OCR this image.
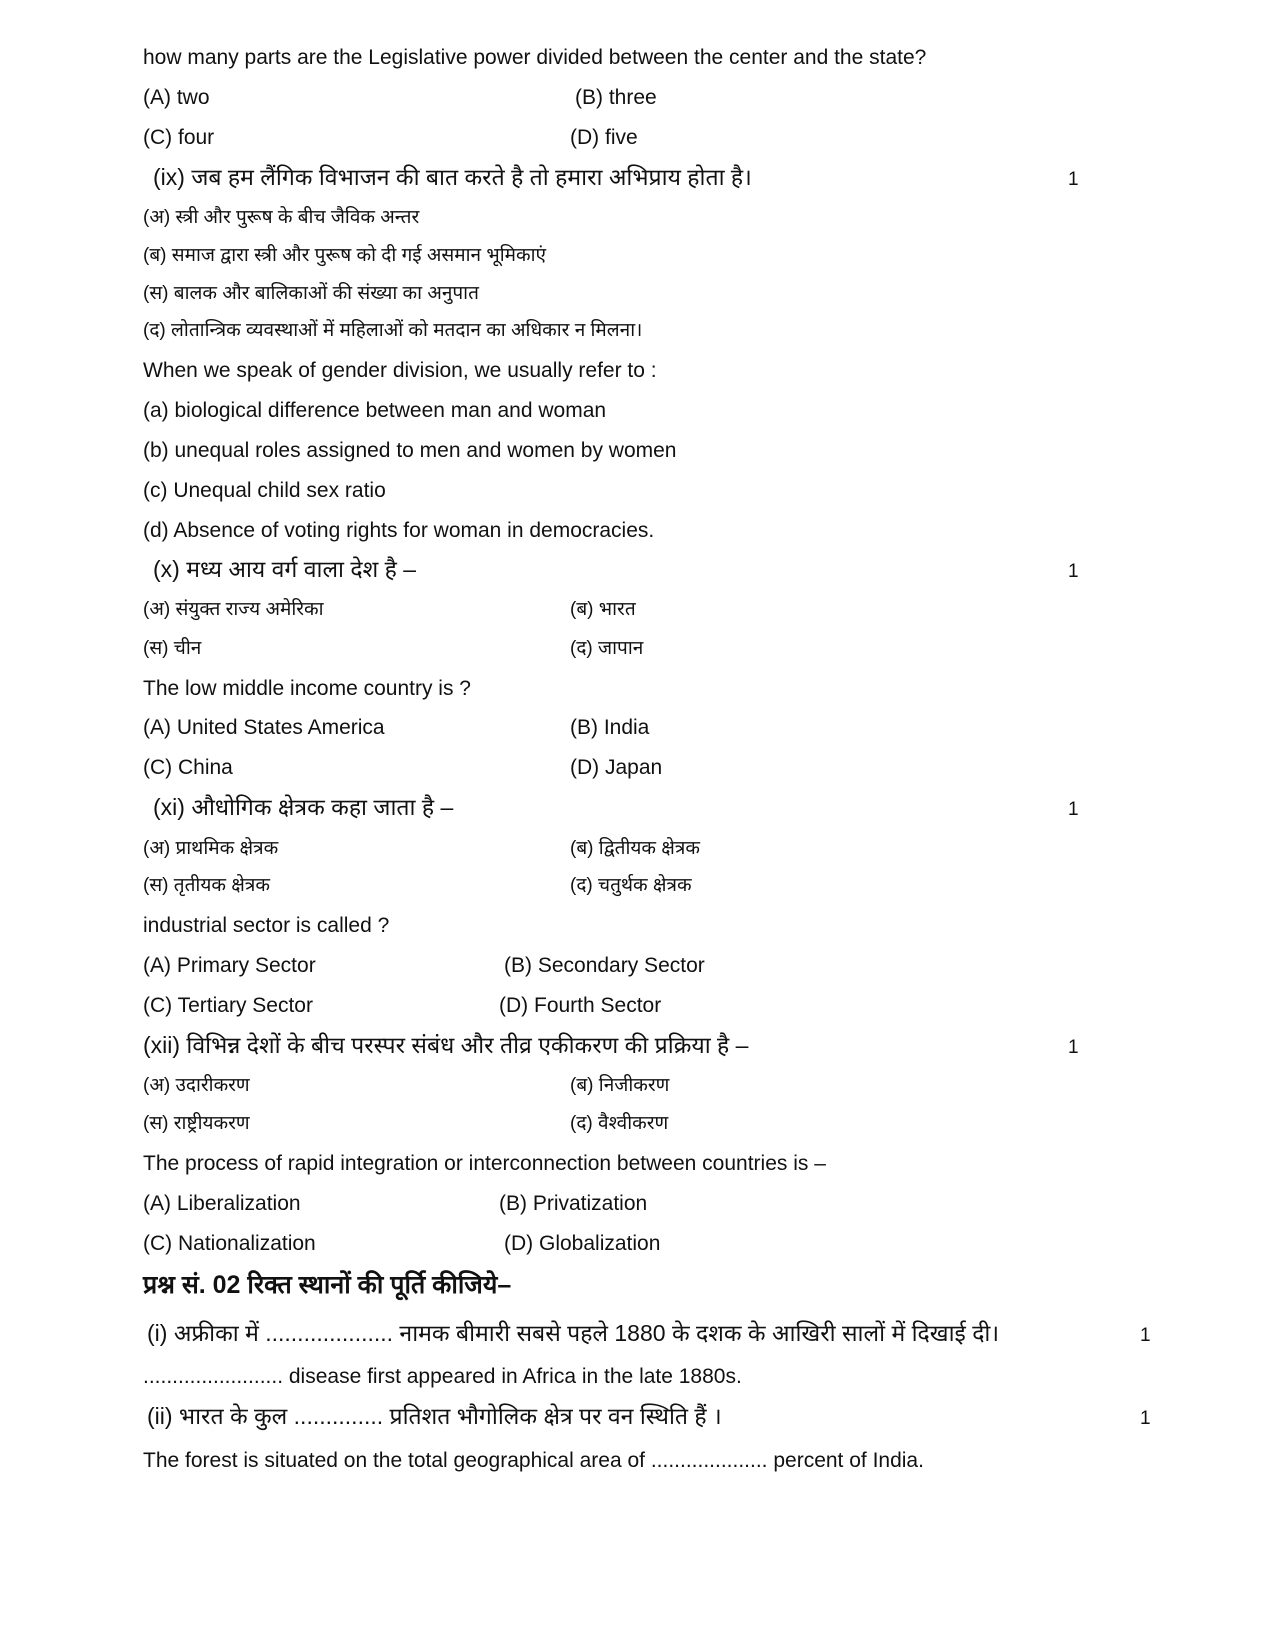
how many parts are the Legislative power divided between the center and the state?
(A) two	(B) three
(C) four	(D) five
(ix) जब हम लैंगिक विभाजन की बात करते है तो हमारा अभिप्राय होता है।	1
(अ) स्त्री और पुरूष के बीच जैविक अन्तर
(ब) समाज द्वारा स्त्री और पुरूष को दी गई असमान भूमिकाएं
(स) बालक और बालिकाओं की संख्या का अनुपात
(द) लोतान्त्रिक व्यवस्थाओं में महिलाओं को मतदान का अधिकार न मिलना।
When we speak of gender division, we usually refer to :
(a) biological difference between man and woman
(b) unequal roles assigned to men and women by women
(c) Unequal child sex ratio
(d) Absence of voting rights for woman in democracies.
(x) मध्य आय वर्ग वाला देश है –	1
(अ) संयुक्त राज्य अमेरिका	(ब) भारत
(स) चीन	(द) जापान
The low middle income country is ?
(A) United States America	(B) India
(C) China	(D) Japan
(xi) औधोगिक क्षेत्रक कहा जाता है –	1
(अ) प्राथमिक क्षेत्रक	(ब) द्वितीयक क्षेत्रक
(स) तृतीयक क्षेत्रक	(द) चतुर्थक क्षेत्रक
industrial sector is called ?
(A) Primary Sector	(B) Secondary Sector
(C) Tertiary Sector	(D) Fourth Sector
(xii) विभिन्न देशों के बीच परस्पर संबंध और तीव्र एकीकरण की प्रक्रिया है –	1
(अ) उदारीकरण	(ब) निजीकरण
(स) राष्ट्रीयकरण	(द) वैश्वीकरण
The process of rapid integration or interconnection between countries is –
(A) Liberalization	(B) Privatization
(C) Nationalization	(D) Globalization
प्रश्न सं. 02 रिक्त स्थानों की पूर्ति कीजिये–
(i) अफ्रीका में .................... नामक बीमारी सबसे पहले 1880 के दशक के आखिरी सालों में दिखाई दी।	1
........................ disease first appeared in Africa in the late 1880s.
(ii) भारत के कुल .............. प्रतिशत भौगोलिक क्षेत्र पर वन स्थिति हैं ।	1
The forest is situated on the total geographical area of .................... percent of India.
